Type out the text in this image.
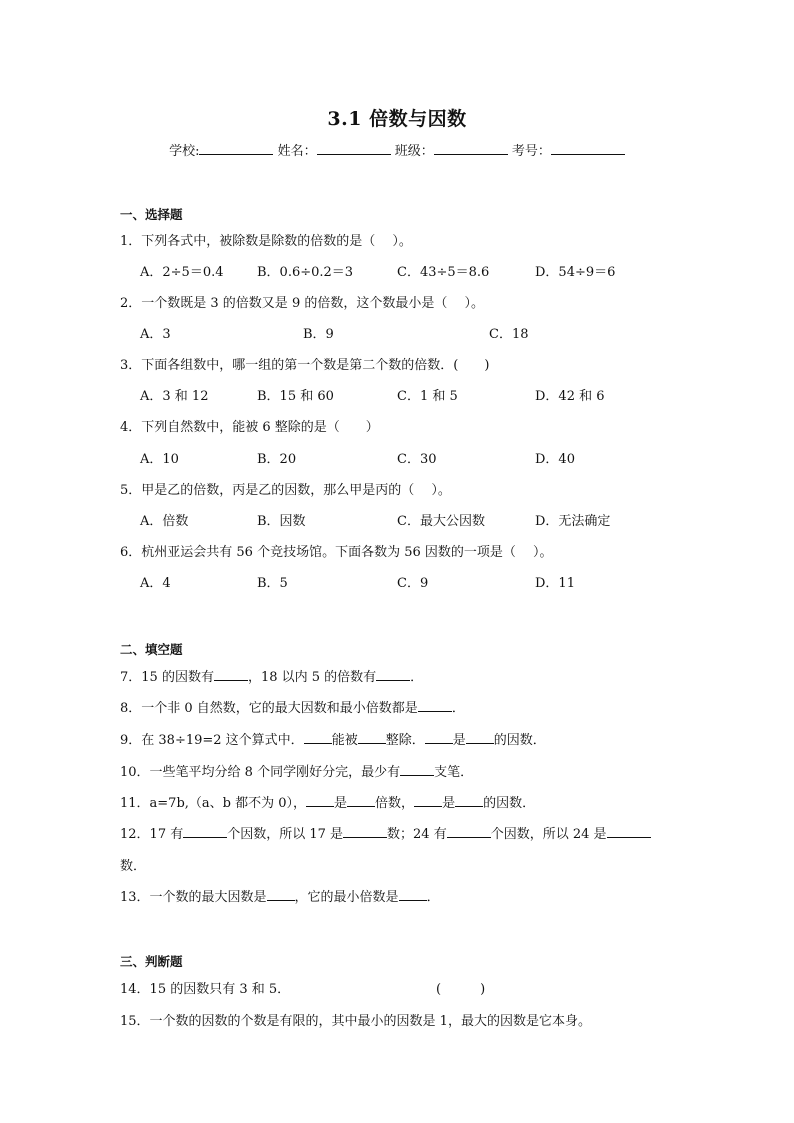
3.1 倍数与因数
学校:	姓名：	班级：	考号：
一、选择题
1．下列各式中，被除数是除数的倍数的是（　 ）。
A．2÷5＝0.4	B．0.6÷0.2＝3	C．43÷5＝8.6	D．54÷9＝6
2．一个数既是 3 的倍数又是 9 的倍数，这个数最小是（　 ）。
A．3	B．9	C．18
3．下面各组数中，哪一组的第一个数是第二个数的倍数．(　　)
A．3 和 12	B．15 和 60	C．1 和 5	D．42 和 6
4．下列自然数中，能被 6 整除的是（　　）
A．10	B．20	C．30	D．40
5．甲是乙的倍数，丙是乙的因数，那么甲是丙的（　 ）。
A．倍数	B．因数	C．最大公因数	D．无法确定
6．杭州亚运会共有 56 个竞技场馆。下面各数为 56 因数的一项是（　 ）。
A．4	B．5	C．9	D．11
二、填空题
7．15 的因数有	，18 以内 5 的倍数有	．
8．一个非 0 自然数，它的最大因数和最小倍数都是	．
9．在 38÷19=2 这个算式中． 能被 整除． 是 的因数．
10．一些笔平均分给 8 个同学刚好分完，最少有	支笔．
11．a=7b,（a、b 都不为 0）， 是 倍数， 是 的因数．
12．17 有	个因数，所以 17 是	数；24 有	个因数，所以 24 是
数．
13．一个数的最大因数是 ，它的最小倍数是 ．
三、判断题
14．15 的因数只有 3 和 5．	(　　　)
15．一个数的因数的个数是有限的，其中最小的因数是 1，最大的因数是它本身。
